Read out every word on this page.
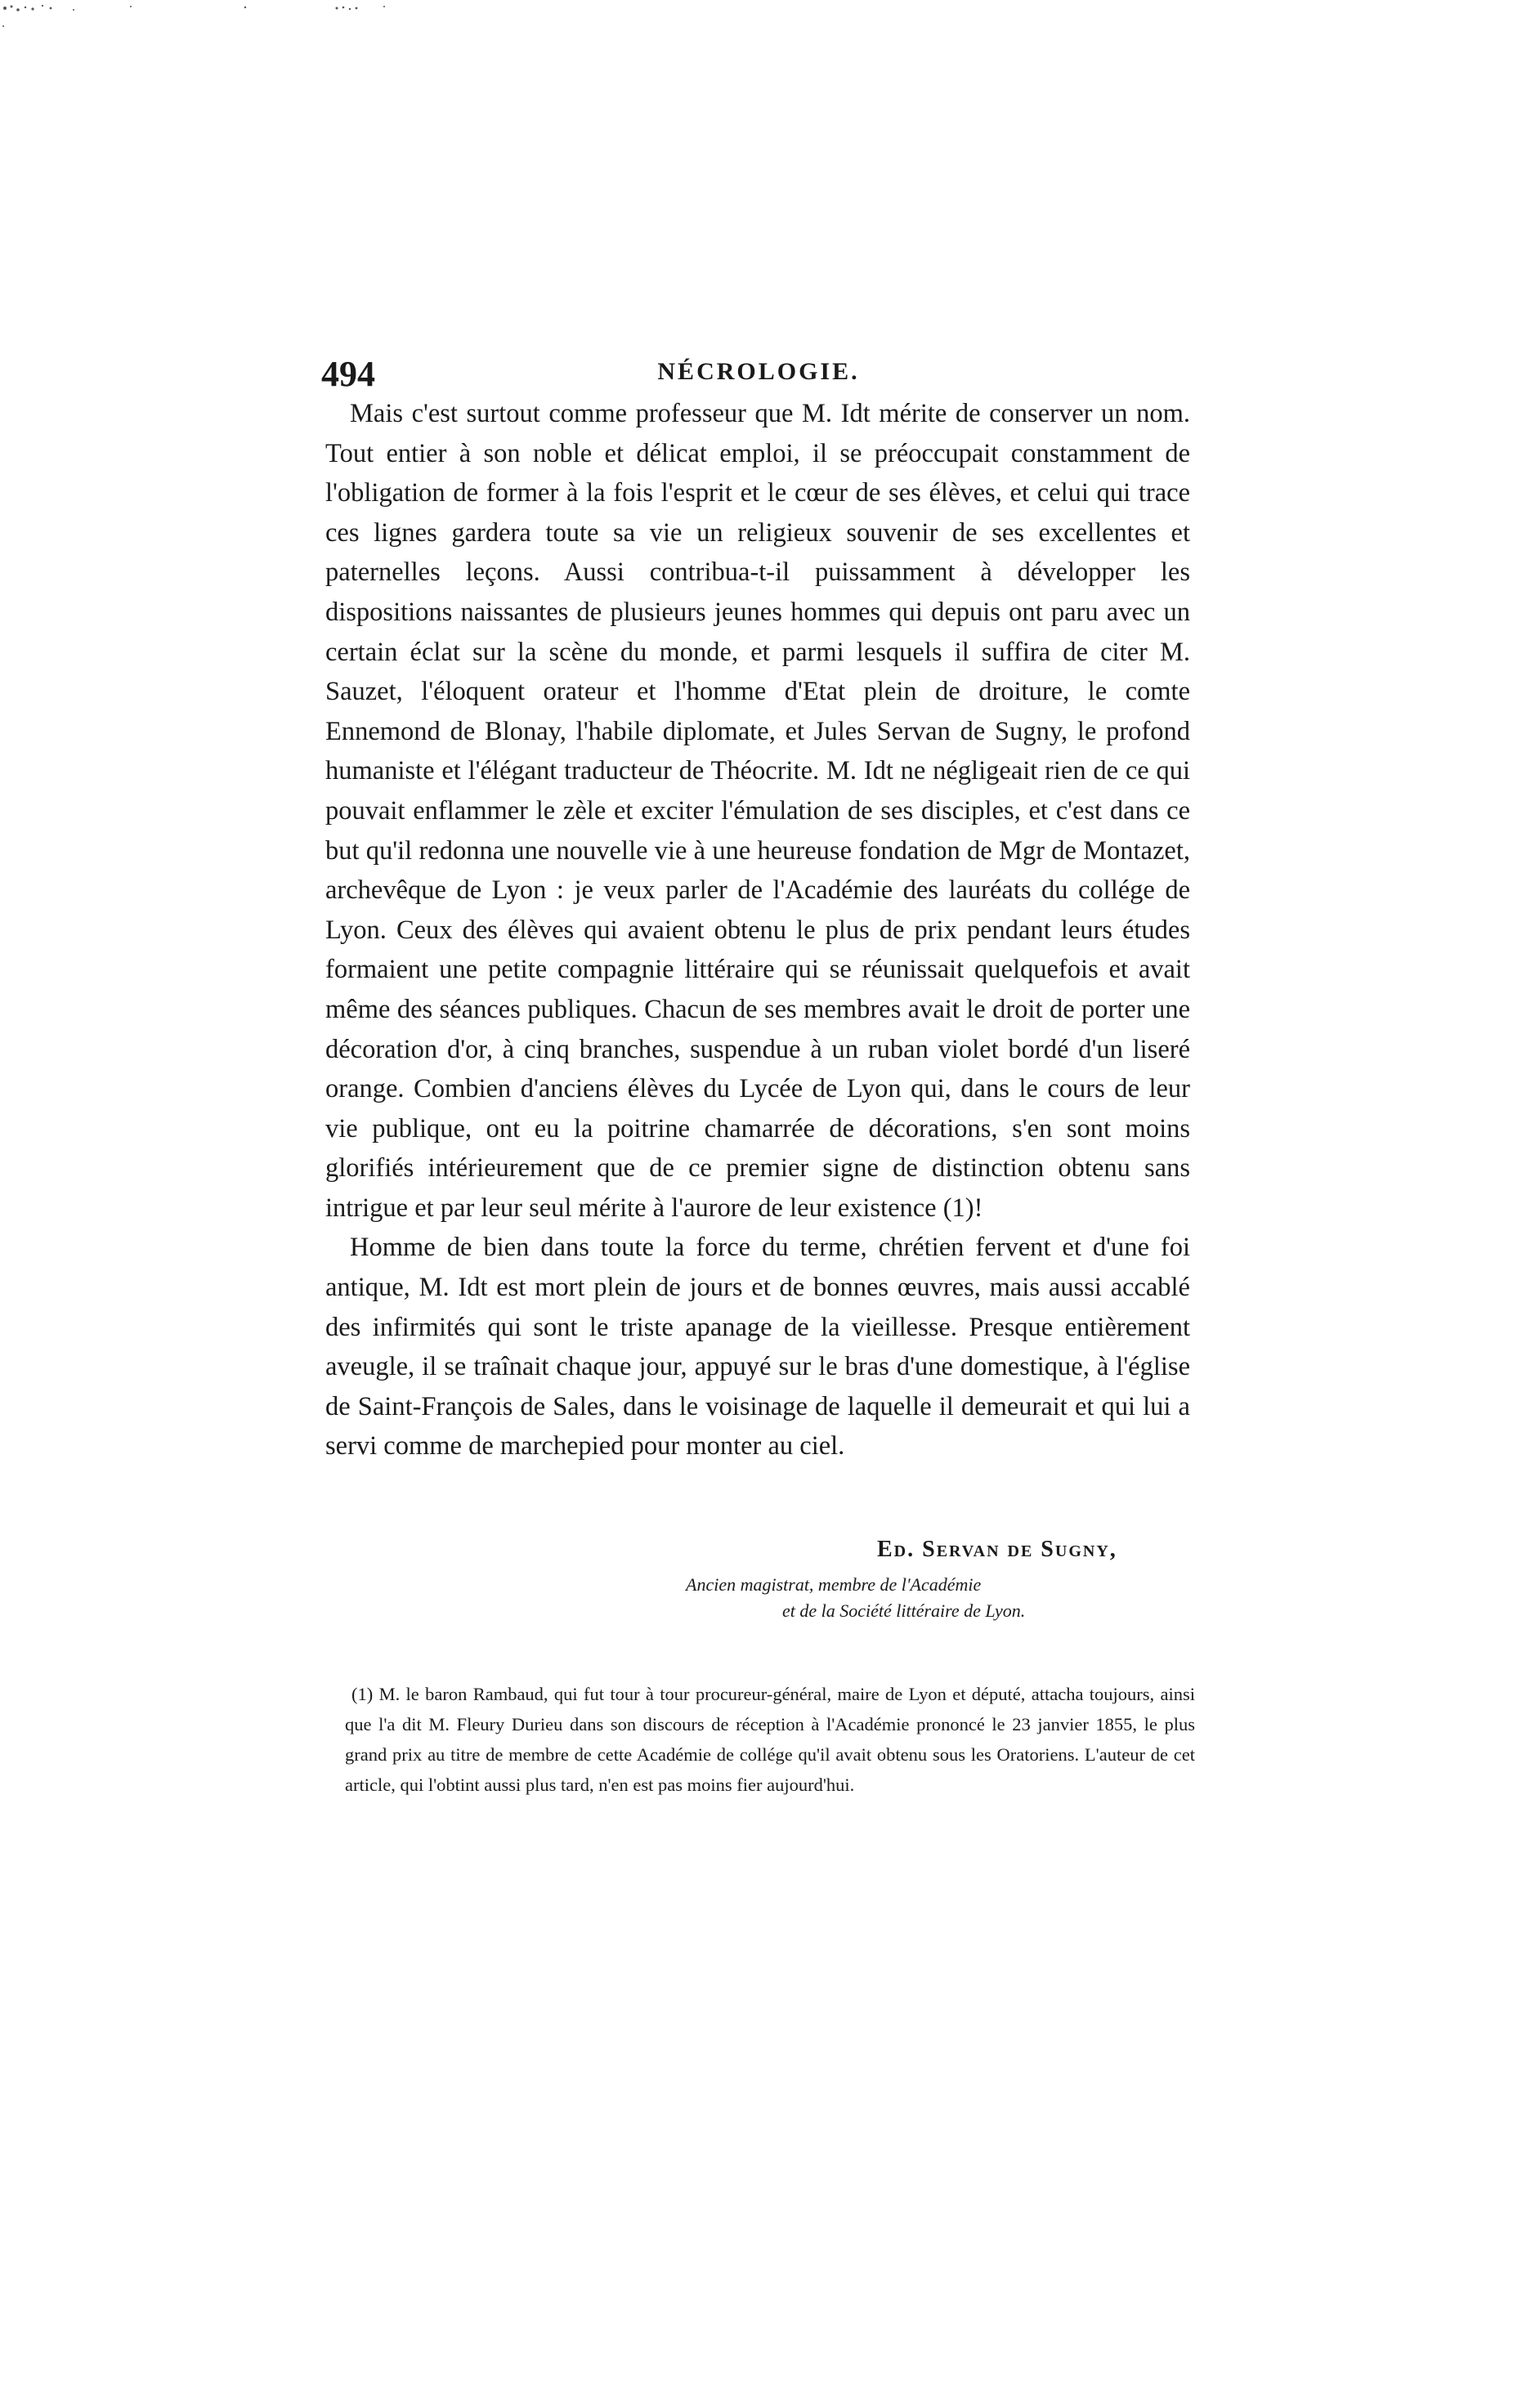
494	NÉCROLOGIE.

Mais c'est surtout comme professeur que M. Idt mérite de conserver un nom. Tout entier à son noble et délicat emploi, il se préoccupait constamment de l'obligation de former à la fois l'esprit et le cœur de ses élèves, et celui qui trace ces lignes gardera toute sa vie un religieux souvenir de ses excellentes et paternelles leçons. Aussi contribua-t-il puissamment à développer les dispositions naissantes de plusieurs jeunes hommes qui depuis ont paru avec un certain éclat sur la scène du monde, et parmi lesquels il suffira de citer M. Sauzet, l'éloquent orateur et l'homme d'Etat plein de droiture, le comte Ennemond de Blonay, l'habile diplomate, et Jules Servan de Sugny, le profond humaniste et l'élégant traducteur de Théocrite. M. Idt ne négligeait rien de ce qui pouvait enflammer le zèle et exciter l'émulation de ses disciples, et c'est dans ce but qu'il redonna une nouvelle vie à une heureuse fondation de Mgr de Montazet, archevêque de Lyon : je veux parler de l'Académie des lauréats du collége de Lyon. Ceux des élèves qui avaient obtenu le plus de prix pendant leurs études formaient une petite compagnie littéraire qui se réunissait quelquefois et avait même des séances publiques. Chacun de ses membres avait le droit de porter une décoration d'or, à cinq branches, suspendue à un ruban violet bordé d'un liseré orange. Combien d'anciens élèves du Lycée de Lyon qui, dans le cours de leur vie publique, ont eu la poitrine chamarrée de décorations, s'en sont moins glorifiés intérieurement que de ce premier signe de distinction obtenu sans intrigue et par leur seul mérite à l'aurore de leur existence (1)!

Homme de bien dans toute la force du terme, chrétien fervent et d'une foi antique, M. Idt est mort plein de jours et de bonnes œuvres, mais aussi accablé des infirmités qui sont le triste apanage de la vieillesse. Presque entièrement aveugle, il se traînait chaque jour, appuyé sur le bras d'une domestique, à l'église de Saint-François de Sales, dans le voisinage de laquelle il demeurait et qui lui a servi comme de marchepied pour monter au ciel.

Ed. Servan de Sugny,
Ancien magistrat, membre de l'Académie
et de la Société littéraire de Lyon.

(1) M. le baron Rambaud, qui fut tour à tour procureur-général, maire de Lyon et député, attacha toujours, ainsi que l'a dit M. Fleury Durieu dans son discours de réception à l'Académie prononcé le 23 janvier 1855, le plus grand prix au titre de membre de cette Académie de collége qu'il avait obtenu sous les Oratoriens. L'auteur de cet article, qui l'obtint aussi plus tard, n'en est pas moins fier aujourd'hui.
